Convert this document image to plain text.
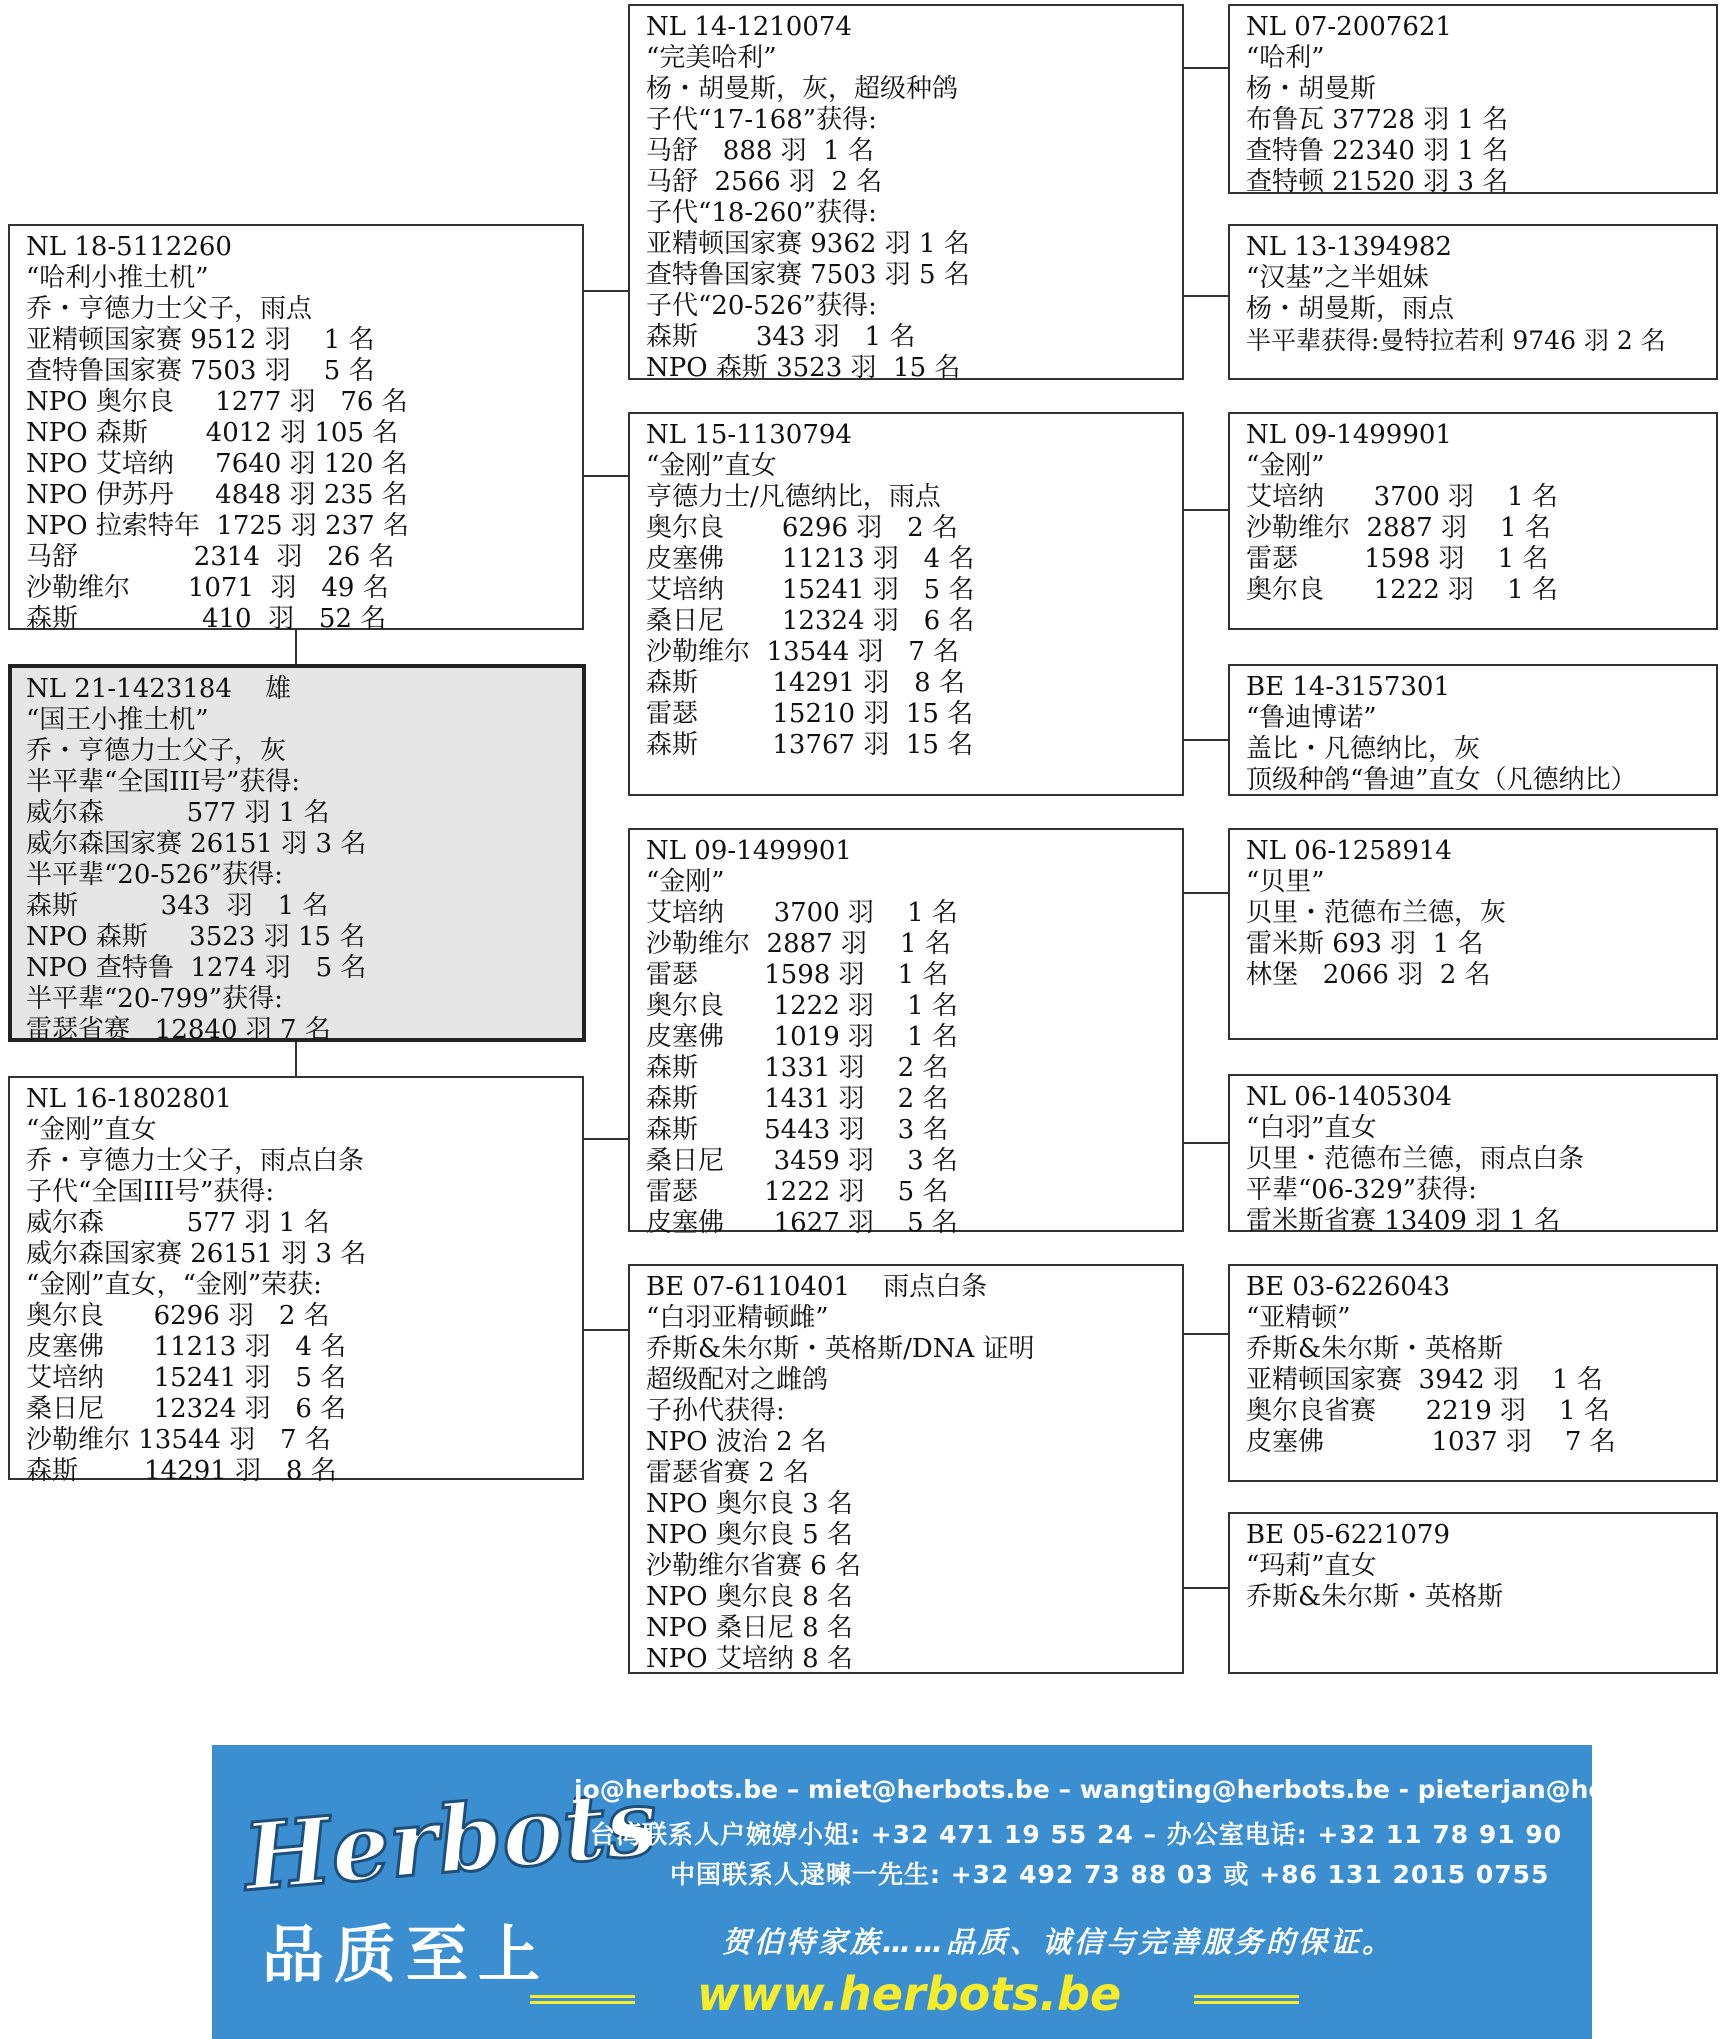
NL 18-5112260
“哈利小推土机”
乔・亨德力士父子，雨点
亚精顿国家赛 9512 羽    1 名
查特鲁国家赛 7503 羽    5 名
NPO 奥尔良     1277 羽   76 名
NPO 森斯       4012 羽 105 名
NPO 艾培纳     7640 羽 120 名
NPO 伊苏丹     4848 羽 235 名
NPO 拉索特年  1725 羽 237 名
马舒              2314  羽   26 名
沙勒维尔       1071  羽   49 名
森斯               410  羽   52 名
NL 21-1423184    雄
“国王小推土机”
乔・亨德力士父子，灰
半平辈“全国III号”获得:
威尔森          577 羽 1 名
威尔森国家赛 26151 羽 3 名
半平辈“20-526”获得:
森斯          343  羽   1 名
NPO 森斯     3523 羽 15 名
NPO 查特鲁  1274 羽   5 名
半平辈“20-799”获得:
雷瑟省赛   12840 羽 7 名
NL 16-1802801
“金刚”直女
乔・亨德力士父子，雨点白条
子代“全国III号”获得:
威尔森          577 羽 1 名
威尔森国家赛 26151 羽 3 名
“金刚”直女，“金刚”荣获:
奥尔良      6296 羽   2 名
皮塞佛      11213 羽   4 名
艾培纳      15241 羽   5 名
桑日尼      12324 羽   6 名
沙勒维尔 13544 羽   7 名
森斯        14291 羽   8 名
NL 14-1210074
“完美哈利”
杨・胡曼斯，灰，超级种鸽
子代“17-168”获得:
马舒   888 羽  1 名
马舒  2566 羽  2 名
子代“18-260”获得:
亚精顿国家赛 9362 羽 1 名
查特鲁国家赛 7503 羽 5 名
子代“20-526”获得:
森斯       343 羽   1 名
NPO 森斯 3523 羽  15 名
NL 15-1130794
“金刚”直女
亨德力士/凡德纳比，雨点
奥尔良       6296 羽   2 名
皮塞佛       11213 羽   4 名
艾培纳       15241 羽   5 名
桑日尼       12324 羽   6 名
沙勒维尔  13544 羽   7 名
森斯         14291 羽   8 名
雷瑟         15210 羽  15 名
森斯         13767 羽  15 名
NL 09-1499901
“金刚”
艾培纳      3700 羽    1 名
沙勒维尔  2887 羽    1 名
雷瑟        1598 羽    1 名
奥尔良      1222 羽    1 名
皮塞佛      1019 羽    1 名
森斯        1331 羽    2 名
森斯        1431 羽    2 名
森斯        5443 羽    3 名
桑日尼      3459 羽    3 名
雷瑟        1222 羽    5 名
皮塞佛      1627 羽    5 名
BE 07-6110401    雨点白条
“白羽亚精顿雌”
乔斯&朱尔斯・英格斯/DNA 证明
超级配对之雌鸽
子孙代获得:
NPO 波治 2 名
雷瑟省赛 2 名
NPO 奥尔良 3 名
NPO 奥尔良 5 名
沙勒维尔省赛 6 名
NPO 奥尔良 8 名
NPO 桑日尼 8 名
NPO 艾培纳 8 名
NL 07-2007621
“哈利”
杨・胡曼斯
布鲁瓦 37728 羽 1 名
查特鲁 22340 羽 1 名
查特顿 21520 羽 3 名
NL 13-1394982
“汉基”之半姐妹
杨・胡曼斯，雨点
半平辈获得:曼特拉若利 9746 羽 2 名
NL 09-1499901
“金刚”
艾培纳      3700 羽    1 名
沙勒维尔  2887 羽    1 名
雷瑟        1598 羽    1 名
奥尔良      1222 羽    1 名
BE 14-3157301
“鲁迪博诺”
盖比・凡德纳比，灰
顶级种鸽“鲁迪”直女（凡德纳比）
NL 06-1258914
“贝里”
贝里・范德布兰德，灰
雷米斯 693 羽  1 名
林堡   2066 羽  2 名
NL 06-1405304
“白羽”直女
贝里・范德布兰德，雨点白条
平辈“06-329”获得:
雷米斯省赛 13409 羽 1 名
BE 03-6226043
“亚精顿”
乔斯&朱尔斯・英格斯
亚精顿国家赛  3942 羽    1 名
奥尔良省赛      2219 羽    1 名
皮塞佛             1037 羽    7 名
BE 05-6221079
“玛莉”直女
乔斯&朱尔斯・英格斯
Herbots
品质至上
jo@herbots.be – miet@herbots.be – wangting@herbots.be - pieterjan@herbots.be
台湾联系人户婉婷小姐: +32 471 19 55 24 – 办公室电话: +32 11 78 91 90
中国联系人逯暕一先生: +32 492 73 88 03 或 +86 131 2015 0755
贺伯特家族……品质、诚信与完善服务的保证。
www.herbots.be
